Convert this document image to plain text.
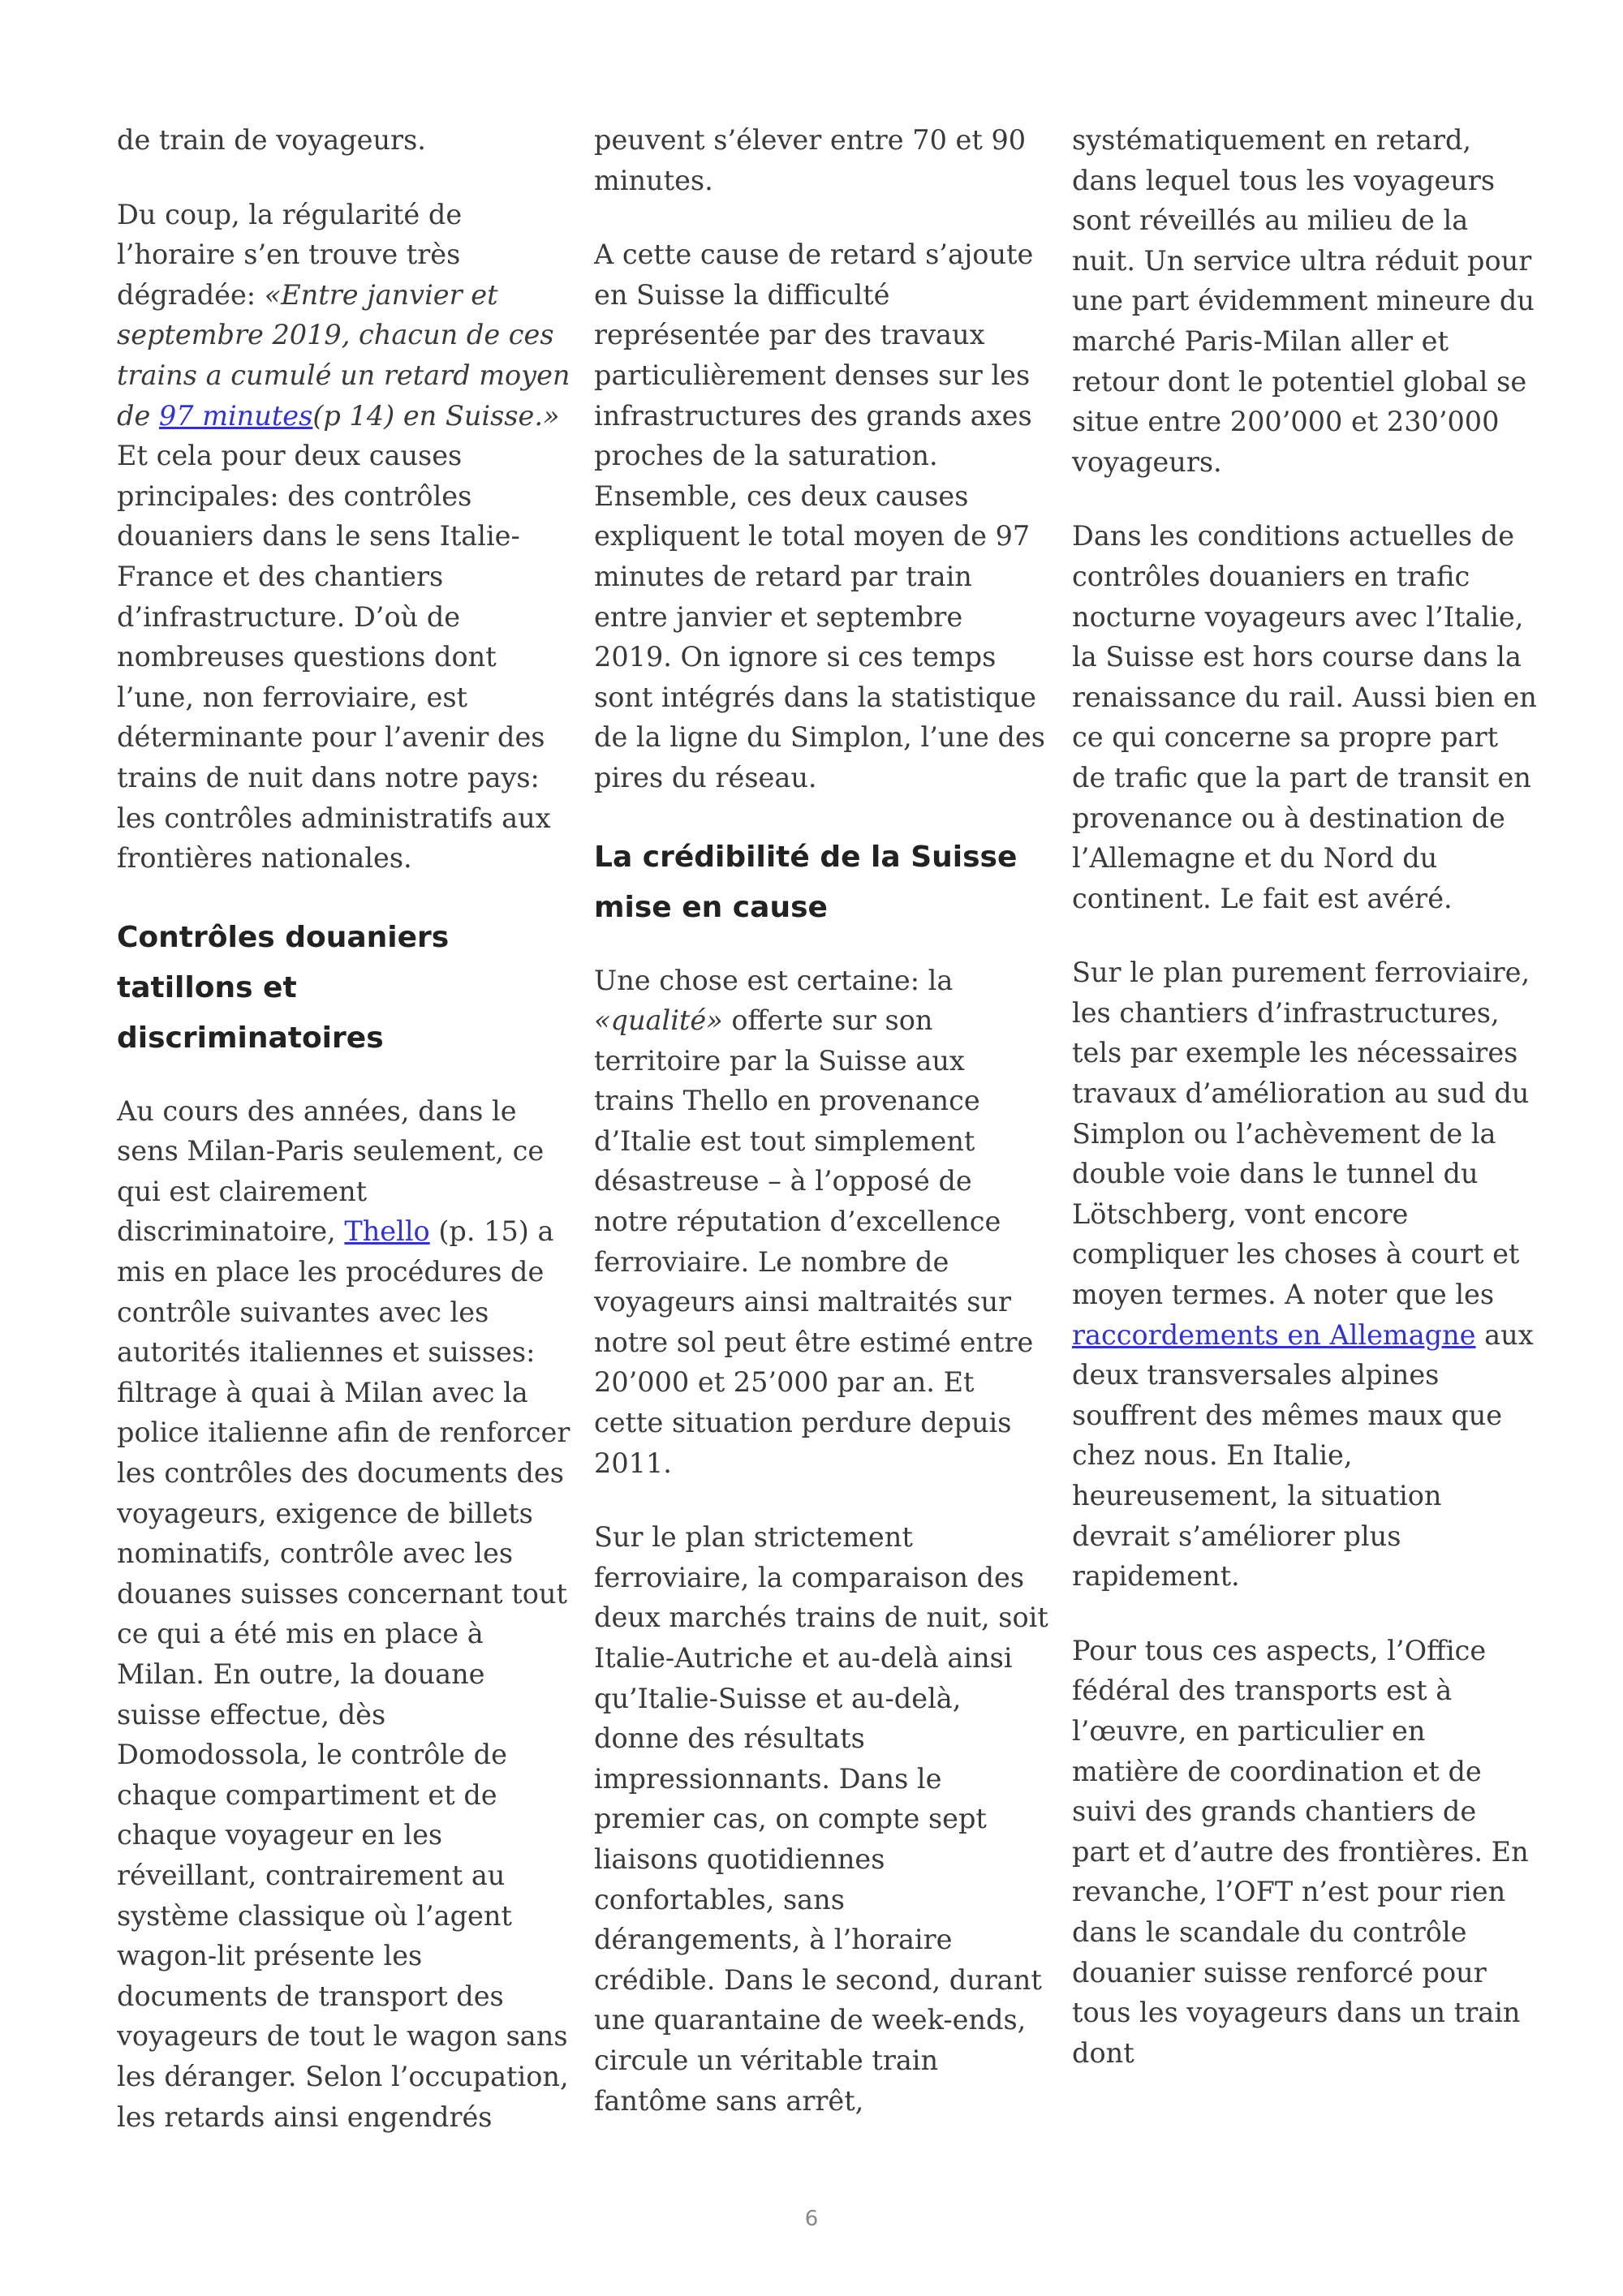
de train de voyageurs.

Du coup, la régularité de l’horaire s’en trouve très dégradée: «Entre janvier et septembre 2019, chacun de ces trains a cumulé un retard moyen de 97 minutes(p 14) en Suisse.» Et cela pour deux causes principales: des contrôles douaniers dans le sens Italie-France et des chantiers d’infrastructure. D’où de nombreuses questions dont l’une, non ferroviaire, est déterminante pour l’avenir des trains de nuit dans notre pays: les contrôles administratifs aux frontières nationales.

Contrôles douaniers tatillons et discriminatoires

Au cours des années, dans le sens Milan-Paris seulement, ce qui est clairement discriminatoire, Thello (p. 15) a mis en place les procédures de contrôle suivantes avec les autorités italiennes et suisses: filtrage à quai à Milan avec la police italienne afin de renforcer les contrôles des documents des voyageurs, exigence de billets nominatifs, contrôle avec les douanes suisses concernant tout ce qui a été mis en place à Milan. En outre, la douane suisse effectue, dès Domodossola, le contrôle de chaque compartiment et de chaque voyageur en les réveillant, contrairement au système classique où l’agent wagon-lit présente les documents de transport des voyageurs de tout le wagon sans les déranger. Selon l’occupation, les retards ainsi engendrés

peuvent s’élever entre 70 et 90 minutes.

A cette cause de retard s’ajoute en Suisse la difficulté représentée par des travaux particulièrement denses sur les infrastructures des grands axes proches de la saturation. Ensemble, ces deux causes expliquent le total moyen de 97 minutes de retard par train entre janvier et septembre 2019. On ignore si ces temps sont intégrés dans la statistique de la ligne du Simplon, l’une des pires du réseau.

La crédibilité de la Suisse mise en cause

Une chose est certaine: la «qualité» offerte sur son territoire par la Suisse aux trains Thello en provenance d’Italie est tout simplement désastreuse – à l’opposé de notre réputation d’excellence ferroviaire. Le nombre de voyageurs ainsi maltraités sur notre sol peut être estimé entre 20’000 et 25’000 par an. Et cette situation perdure depuis 2011.

Sur le plan strictement ferroviaire, la comparaison des deux marchés trains de nuit, soit Italie-Autriche et au-delà ainsi qu’Italie-Suisse et au-delà, donne des résultats impressionnants. Dans le premier cas, on compte sept liaisons quotidiennes confortables, sans dérangements, à l’horaire crédible. Dans le second, durant une quarantaine de week-ends, circule un véritable train fantôme sans arrêt,

systématiquement en retard, dans lequel tous les voyageurs sont réveillés au milieu de la nuit. Un service ultra réduit pour une part évidemment mineure du marché Paris-Milan aller et retour dont le potentiel global se situe entre 200’000 et 230’000 voyageurs.

Dans les conditions actuelles de contrôles douaniers en trafic nocturne voyageurs avec l’Italie, la Suisse est hors course dans la renaissance du rail. Aussi bien en ce qui concerne sa propre part de trafic que la part de transit en provenance ou à destination de l’Allemagne et du Nord du continent. Le fait est avéré.

Sur le plan purement ferroviaire, les chantiers d’infrastructures, tels par exemple les nécessaires travaux d’amélioration au sud du Simplon ou l’achèvement de la double voie dans le tunnel du Lötschberg, vont encore compliquer les choses à court et moyen termes. A noter que les raccordements en Allemagne aux deux transversales alpines souffrent des mêmes maux que chez nous. En Italie, heureusement, la situation devrait s’améliorer plus rapidement.

Pour tous ces aspects, l’Office fédéral des transports est à l’œuvre, en particulier en matière de coordination et de suivi des grands chantiers de part et d’autre des frontières. En revanche, l’OFT n’est pour rien dans le scandale du contrôle douanier suisse renforcé pour tous les voyageurs dans un train dont

6
